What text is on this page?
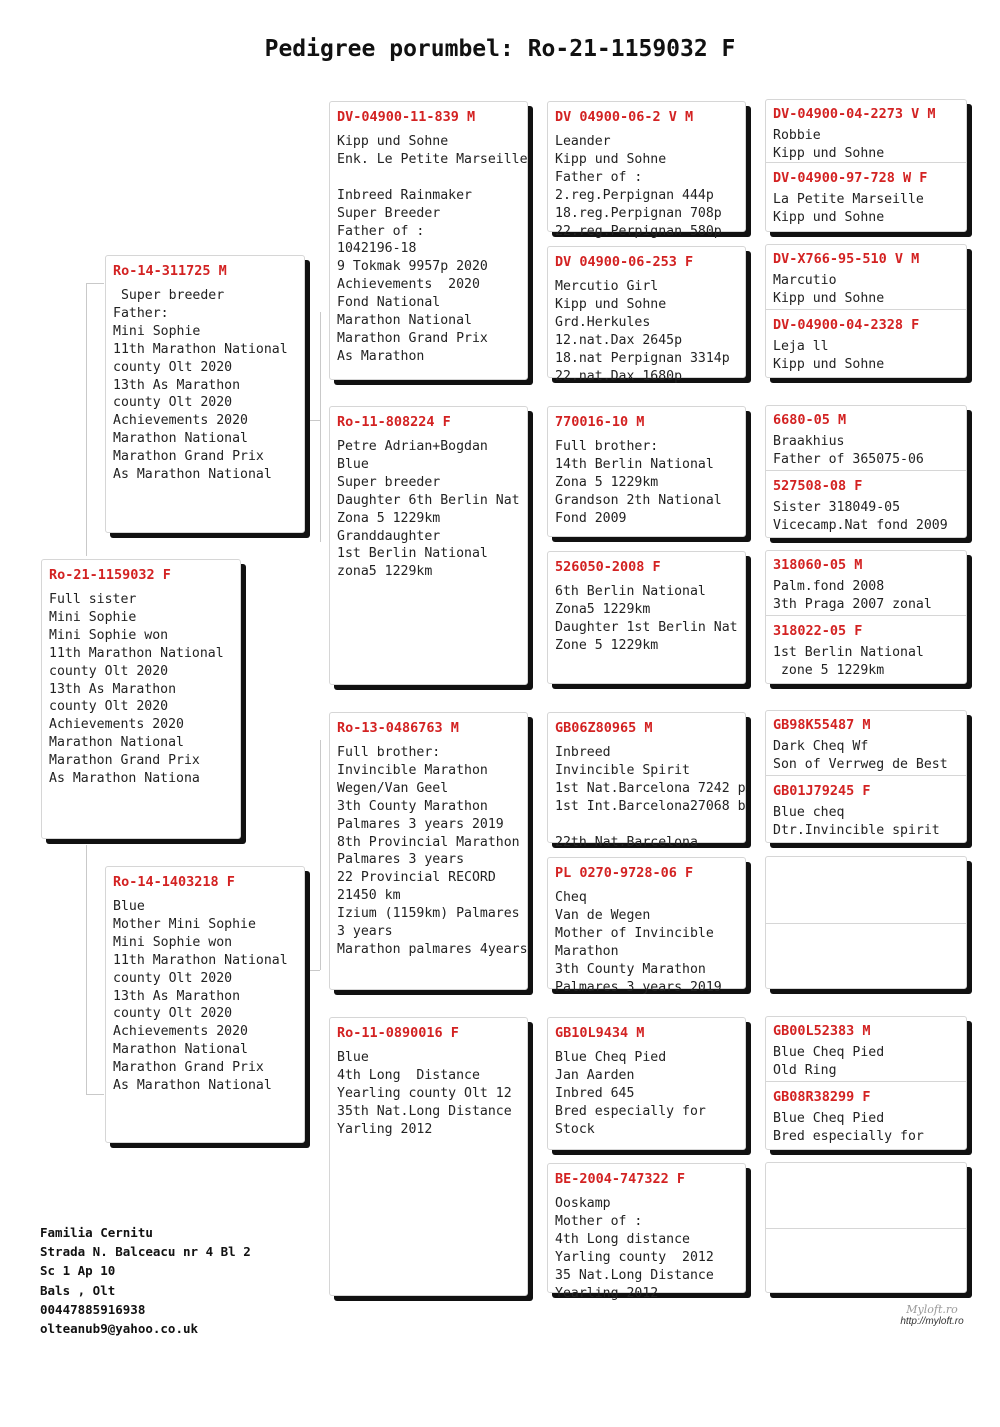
Pedigree porumbel: Ro-21-1159032 F
Ro-21-1159032 F
Full sister
Mini Sophie
Mini Sophie won
11th Marathon National
county Olt 2020
13th As Marathon
county Olt 2020
Achievements 2020
Marathon National
Marathon Grand Prix
As Marathon Nationa
Ro-14-311725 M
Super breeder
Father:
Mini Sophie
11th Marathon National
county Olt 2020
13th As Marathon
county Olt 2020
Achievements 2020
Marathon National
Marathon Grand Prix
As Marathon National
Ro-14-1403218 F
Blue
Mother Mini Sophie
Mini Sophie won
11th Marathon National
county Olt 2020
13th As Marathon
county Olt 2020
Achievements 2020
Marathon National
Marathon Grand Prix
As Marathon National
DV-04900-11-839 M
Kipp und Sohne
Enk. Le Petite Marseille

Inbreed Rainmaker
Super Breeder
Father of :
1042196-18
9 Tokmak 9957p 2020
Achievements  2020
Fond National
Marathon National
Marathon Grand Prix
As Marathon
Ro-11-808224 F
Petre Adrian+Bogdan
Blue
Super breeder
Daughter 6th Berlin Nat
Zona 5 1229km
Granddaughter
1st Berlin National
zona5 1229km
Ro-13-0486763 M
Full brother:
Invincible Marathon
Wegen/Van Geel
3th County Marathon
Palmares 3 years 2019
8th Provincial Marathon
Palmares 3 years
22 Provincial RECORD
21450 km
Izium (1159km) Palmares
3 years
Marathon palmares 4years
Ro-11-0890016 F
Blue
4th Long  Distance
Yearling county Olt 12
35th Nat.Long Distance
Yarling 2012
DV 04900-06-2 V M
Leander
Kipp und Sohne
Father of :
2.reg.Perpignan 444p
18.reg.Perpignan 708p
22.reg.Perpignan 580p
DV 04900-06-253 F
Mercutio Girl
Kipp und Sohne
Grd.Herkules
12.nat.Dax 2645p
18.nat Perpignan 3314p
22.nat.Dax 1680p
770016-10 M
Full brother:
14th Berlin National
Zona 5 1229km
Grandson 2th National
Fond 2009
526050-2008 F
6th Berlin National
Zona5 1229km
Daughter 1st Berlin Nat
Zone 5 1229km
GB06Z80965 M
Inbreed
Invincible Spirit
1st Nat.Barcelona 7242 p
1st Int.Barcelona27068 b

22th Nat.Barcelona
PL 0270-9728-06 F
Cheq
Van de Wegen
Mother of Invincible
Marathon
3th County Marathon
Palmares 3 years 2019
GB10L9434 M
Blue Cheq Pied
Jan Aarden
Inbred 645
Bred especially for
Stock
BE-2004-747322 F
Ooskamp
Mother of :
4th Long distance
Yarling county  2012
35 Nat.Long Distance
Yearling 2012
DV-04900-04-2273 V M
Robbie
Kipp und Sohne
DV-04900-97-728 W F
La Petite Marseille
Kipp und Sohne
DV-X766-95-510 V M
Marcutio
Kipp und Sohne
DV-04900-04-2328 F
Leja ll
Kipp und Sohne
6680-05 M
Braakhius
Father of 365075-06
527508-08 F
Sister 318049-05
Vicecamp.Nat fond 2009
318060-05 M
Palm.fond 2008
3th Praga 2007 zonal
318022-05 F
1st Berlin National
zone 5 1229km
GB98K55487 M
Dark Cheq Wf
Son of Verrweg de Best
GB01J79245 F
Blue cheq
Dtr.Invincible spirit
GB00L52383 M
Blue Cheq Pied
Old Ring
GB08R38299 F
Blue Cheq Pied
Bred especially for
Familia Cernitu
Strada N. Balceacu nr 4 Bl 2
Sc 1 Ap 10
Bals , Olt
00447885916938
olteanub9@yahoo.co.uk
Myloft.ro
http://myloft.ro
